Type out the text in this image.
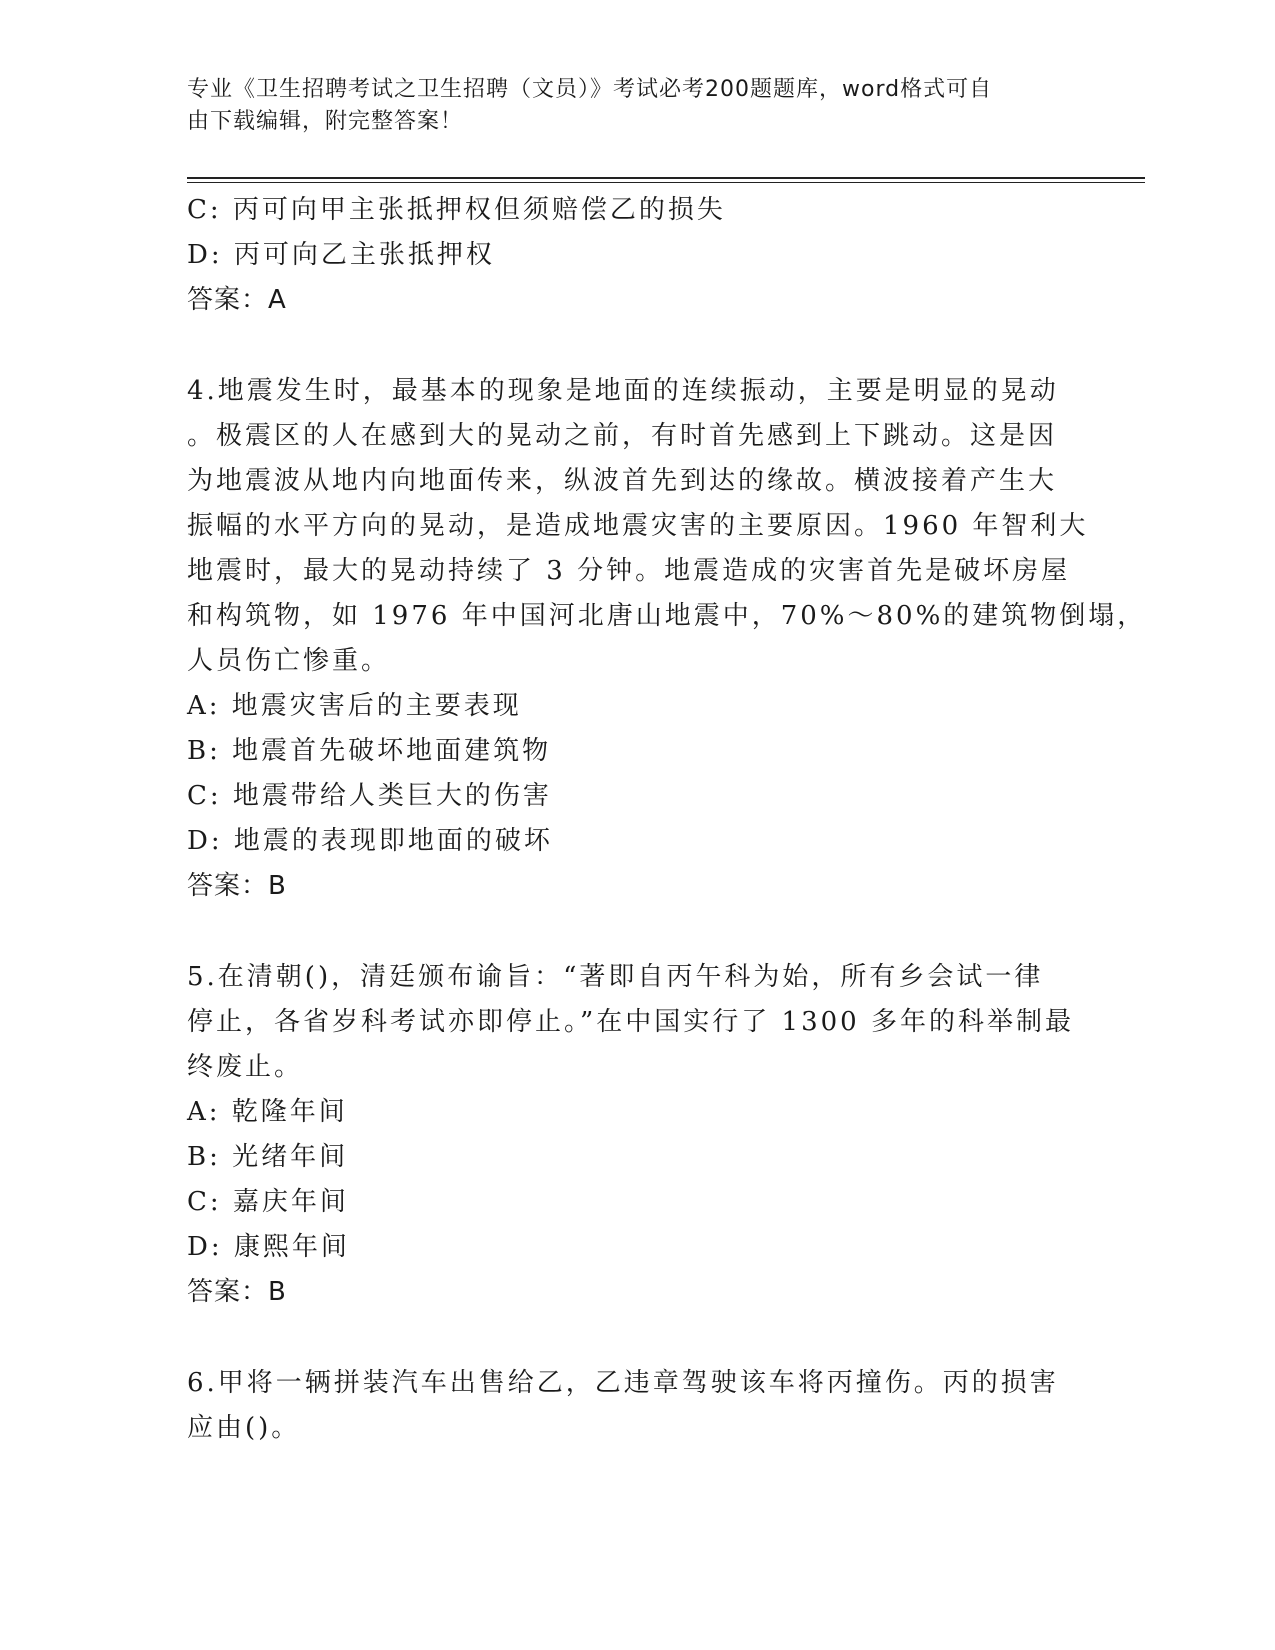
专业《卫生招聘考试之卫生招聘（文员）》考试必考200题题库，word格式可自
由下载编辑，附完整答案！
C: 丙可向甲主张抵押权但须赔偿乙的损失
D: 丙可向乙主张抵押权
答案：A
4.地震发生时，最基本的现象是地面的连续振动，主要是明显的晃动
。极震区的人在感到大的晃动之前，有时首先感到上下跳动。这是因
为地震波从地内向地面传来，纵波首先到达的缘故。横波接着产生大
振幅的水平方向的晃动，是造成地震灾害的主要原因。1960 年智利大
地震时，最大的晃动持续了 3 分钟。地震造成的灾害首先是破坏房屋
和构筑物，如 1976 年中国河北唐山地震中，70%～80%的建筑物倒塌，
人员伤亡惨重。
A: 地震灾害后的主要表现
B: 地震首先破坏地面建筑物
C: 地震带给人类巨大的伤害
D: 地震的表现即地面的破坏
答案：B
5.在清朝()，清廷颁布谕旨：“著即自丙午科为始，所有乡会试一律
停止，各省岁科考试亦即停止。”在中国实行了 1300 多年的科举制最
终废止。
A: 乾隆年间
B: 光绪年间
C: 嘉庆年间
D: 康熙年间
答案：B
6.甲将一辆拼装汽车出售给乙，乙违章驾驶该车将丙撞伤。丙的损害
应由()。
